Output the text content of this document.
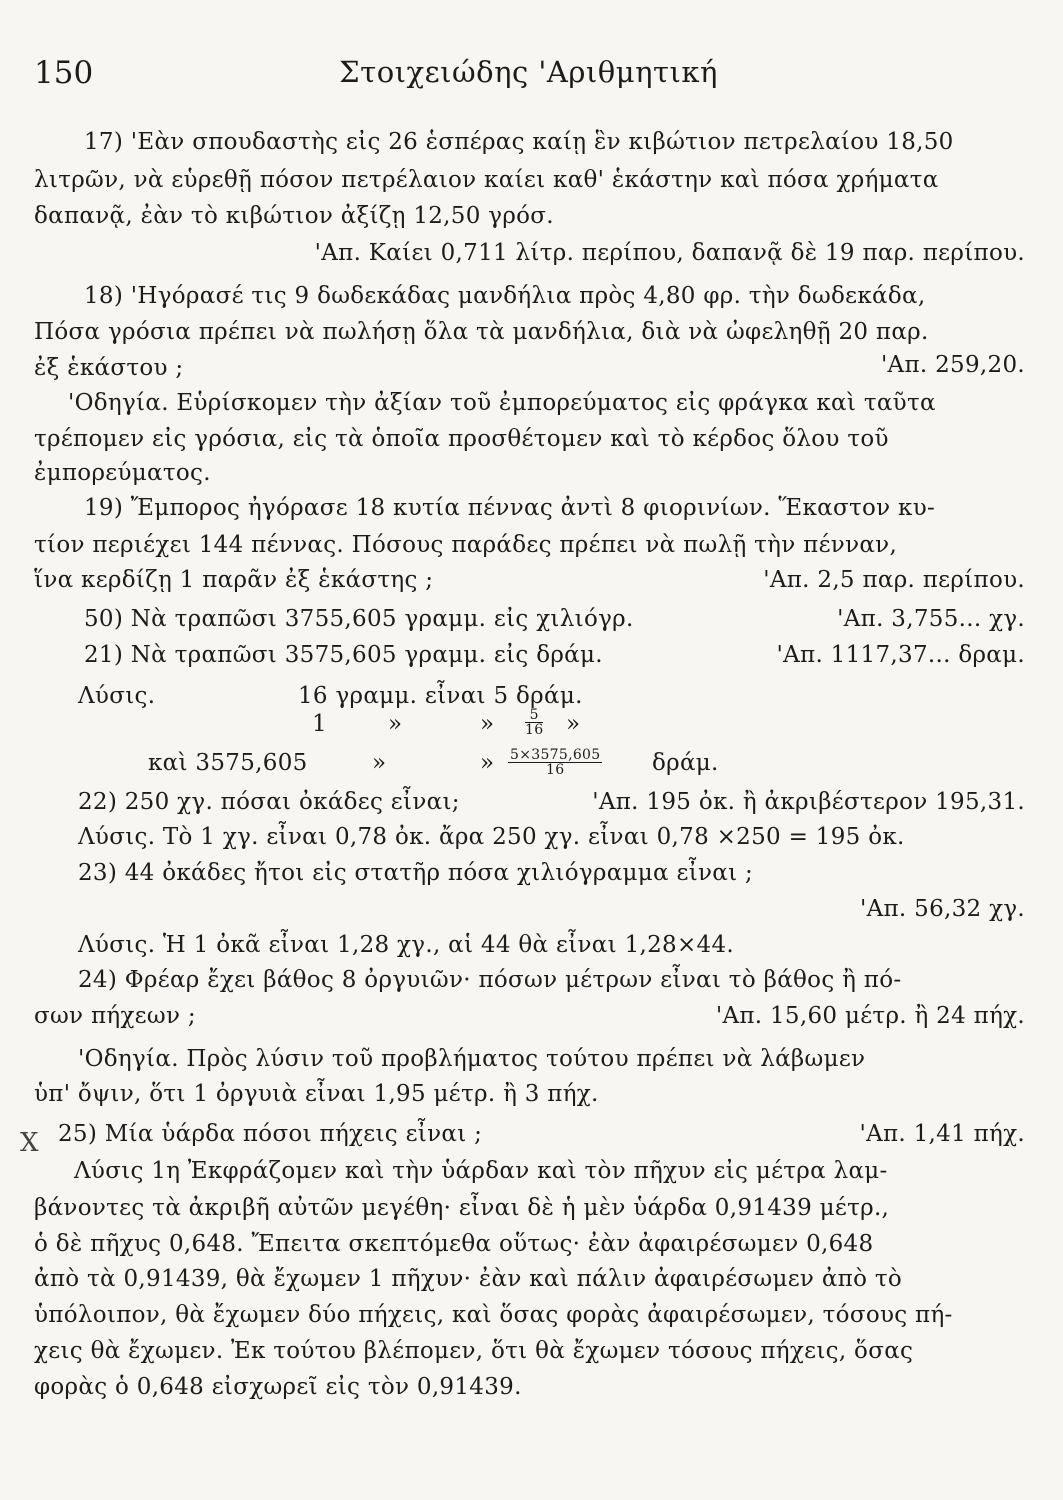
150	Στοιχειώδης 'Αριθμητική
17) 'Εὰν σπουδαστὴς εἰς 26 ἑσπέρας καίῃ ἓν κιβώτιον πετρελαίου 18,50
λιτρῶν, νὰ εὑρεθῇ πόσον πετρέλαιον καίει καθ' ἑκάστην καὶ πόσα χρήματα
δαπανᾷ, ἐὰν τὸ κιβώτιον ἀξίζῃ 12,50 γρόσ.
'Απ. Καίει 0,711 λίτρ. περίπου, δαπανᾷ δὲ 19 παρ. περίπου.
18) 'Ηγόρασέ τις 9 δωδεκάδας μανδήλια πρὸς 4,80 φρ. τὴν δωδεκάδα,
Πόσα γρόσια πρέπει νὰ πωλήσῃ ὅλα τὰ μανδήλια, διὰ νὰ ὠφεληθῇ 20 παρ.
ἐξ ἑκάστου ;	'Απ. 259,20.
'Οδηγία. Εὑρίσκομεν τὴν ἀξίαν τοῦ ἐμπορεύματος εἰς φράγκα καὶ ταῦτα
τρέπομεν εἰς γρόσια, εἰς τὰ ὁποῖα προσθέτομεν καὶ τὸ κέρδος ὅλου τοῦ
ἐμπορεύματος.
19) Ἔμπορος ἠγόρασε 18 κυτία πέννας ἀντὶ 8 φιορινίων. Ἕκαστον κυ-
τίον περιέχει 144 πέννας. Πόσους παράδες πρέπει νὰ πωλῇ τὴν πένναν,
ἵνα κερδίζῃ 1 παρᾶν ἐξ ἑκάστης ;	'Απ. 2,5 παρ. περίπου.
50) Νὰ τραπῶσι 3755,605 γραμμ. εἰς χιλιόγρ.	'Απ. 3,755... χγ.
21) Νὰ τραπῶσι 3575,605 γραμμ. εἰς δράμ.	'Απ. 1117,37... δραμ.
Λύσις.	16 γραμμ. εἶναι 5 δράμ.
1	»	» $\frac{5}{16}$ »
καὶ 3575,605	»	» $\frac{5\times 3575,605}{16} \delta\rho ά\mu$.
22) 250 χγ. πόσαι ὀκάδες εἶναι;	'Απ. 195 ὀκ. ἢ ἀκριβέστερον 195,31.
Λύσις. Τὸ 1 χγ. εἶναι 0,78 ὀκ. ἄρα 250 χγ. εἶναι 0,78 ×250 = 195 ὀκ.
23) 44 ὀκάδες ἤτοι εἰς στατῆρ πόσα χιλιόγραμμα εἶναι ;
'Απ. 56,32 χγ.
Λύσις. Ἡ 1 ὀκᾶ εἶναι 1,28 χγ., αἱ 44 θὰ εἶναι 1,28×44.
24) Φρέαρ ἔχει βάθος 8 ὀργυιῶν· πόσων μέτρων εἶναι τὸ βάθος ἢ πό-
σων πήχεων ;	'Απ. 15,60 μέτρ. ἢ 24 πήχ.
'Οδηγία. Πρὸς λύσιν τοῦ προβλήματος τούτου πρέπει νὰ λάβωμεν
ὑπ' ὄψιν, ὅτι 1 ὀργυιὰ εἶναι 1,95 μέτρ. ἢ 3 πήχ.
X 25) Μία ὑάρδα πόσοι πήχεις εἶναι ;	'Απ. 1,41 πήχ.
Λύσις 1η Ἐκφράζομεν καὶ τὴν ὑάρδαν καὶ τὸν πῆχυν εἰς μέτρα λαμ-
βάνοντες τὰ ἀκριβῆ αὐτῶν μεγέθη· εἶναι δὲ ἡ μὲν ὑάρδα 0,91439 μέτρ.,
ὁ δὲ πῆχυς 0,648. Ἔπειτα σκεπτόμεθα οὕτως· ἐὰν ἀφαιρέσωμεν 0,648
ἀπὸ τὰ 0,91439, θὰ ἔχωμεν 1 πῆχυν· ἐὰν καὶ πάλιν ἀφαιρέσωμεν ἀπὸ τὸ
ὑπόλοιπον, θὰ ἔχωμεν δύο πήχεις, καὶ ὅσας φορὰς ἀφαιρέσωμεν, τόσους πή-
χεις θὰ ἔχωμεν. Ἐκ τούτου βλέπομεν, ὅτι θὰ ἔχωμεν τόσους πήχεις, ὅσας
φορὰς ὁ 0,648 εἰσχωρεῖ εἰς τὸν 0,91439.
